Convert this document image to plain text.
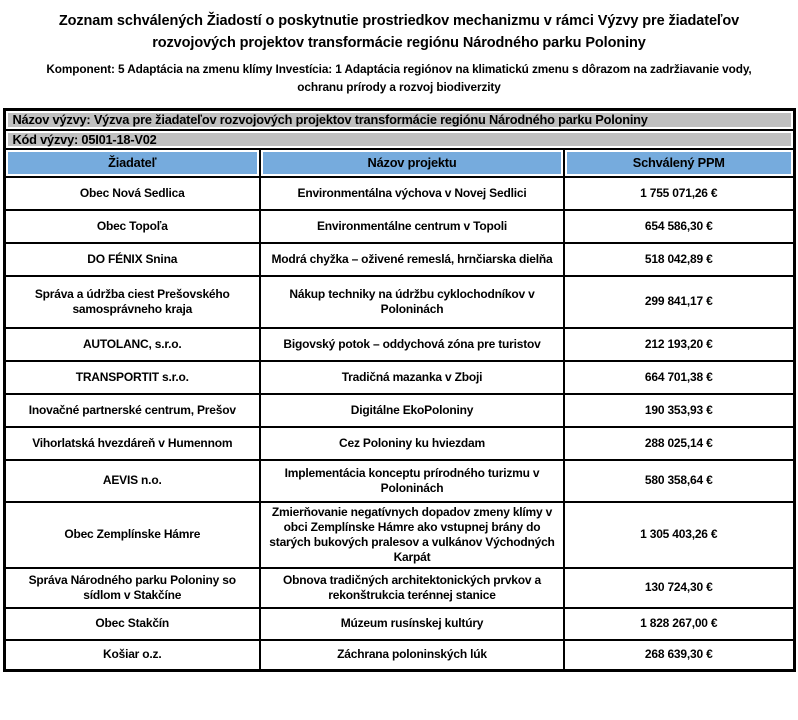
Zoznam schválených Žiadostí o poskytnutie prostriedkov mechanizmu v rámci Výzvy pre žiadateľov rozvojových projektov transformácie regiónu Národného parku Poloniny
Komponent: 5 Adaptácia na zmenu klímy Investícia: 1 Adaptácia regiónov na klimatickú zmenu s dôrazom na zadržiavanie vody, ochranu prírody a rozvoj biodiverzity
Názov výzvy: Výzva pre žiadateľov rozvojových projektov transformácie regiónu Národného parku Poloniny		
Kód výzvy: 05I01-18-V02		
Žiadateľ	Názov projektu	Schválený PPM
Obec Nová Sedlica	Environmentálna výchova v Novej Sedlici	1 755 071,26 €
Obec Topoľa	Environmentálne centrum v Topoli	654 586,30 €
DO FÉNIX Snina	Modrá chyžka – oživené remeslá, hrnčiarska dielňa	518 042,89 €
Správa a údržba ciest Prešovského samosprávneho kraja	Nákup techniky na údržbu cyklochodníkov v Poloninách	299 841,17 €
AUTOLANC, s.r.o.	Bigovský potok – oddychová zóna pre turistov	212 193,20 €
TRANSPORTIT s.r.o.	Tradičná mazanka v Zboji	664 701,38 €
Inovačné partnerské centrum, Prešov	Digitálne EkoPoloniny	190 353,93 €
Vihorlatská hvezdáreň v Humennom	Cez Poloniny ku hviezdam	288 025,14 €
AEVIS n.o.	Implementácia konceptu prírodného turizmu v Poloninách	580 358,64 €
Obec Zemplínske Hámre	Zmierňovanie negatívnych dopadov zmeny klímy v obci Zemplínske Hámre ako vstupnej brány do starých bukových pralesov a vulkánov Východných Karpát	1 305 403,26 €
Správa Národného parku Poloniny so sídlom v Stakčíne	Obnova tradičných architektonických prvkov a rekonštrukcia terénnej stanice	130 724,30 €
Obec Stakčín	Múzeum rusínskej kultúry	1 828 267,00 €
Košiar o.z.	Záchrana poloninských lúk	268 639,30 €
